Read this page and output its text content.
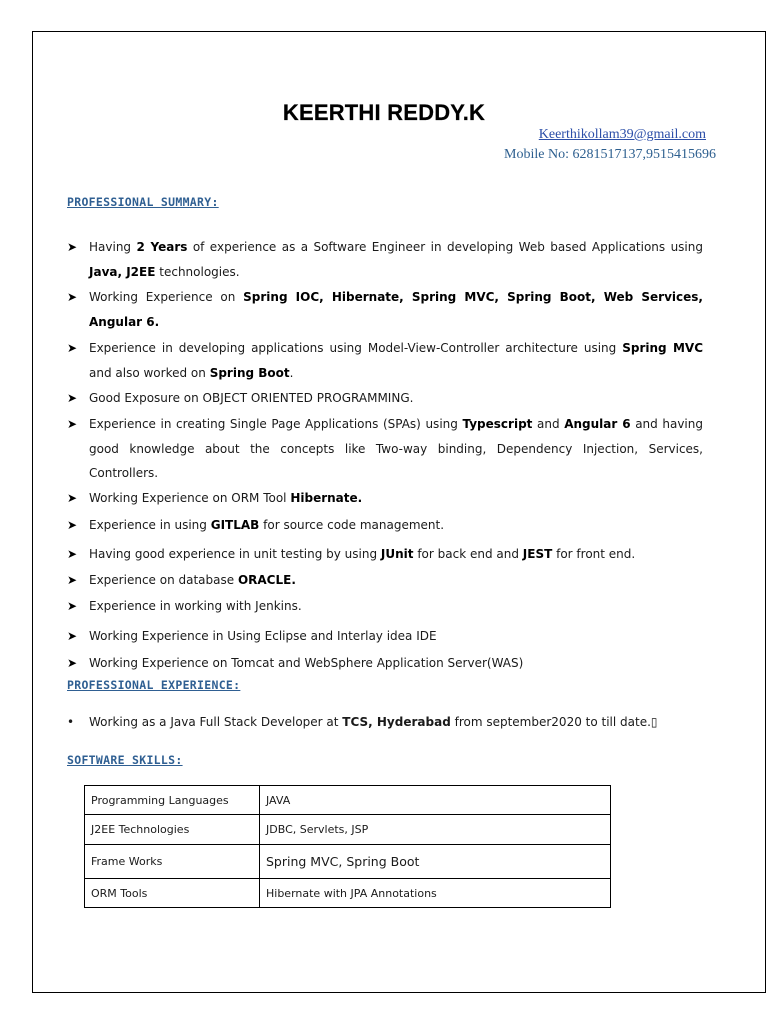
KEERTHI REDDY.K
Keerthikollam39@gmail.com
Mobile No: 6281517137,9515415696
PROFESSIONAL SUMMARY:
➤ Having 2 Years of experience as a Software Engineer in developing Web based Applications using Java, J2EE technologies.
➤ Working Experience on Spring IOC, Hibernate, Spring MVC, Spring Boot, Web Services, Angular 6.
➤ Experience in developing applications using Model-View-Controller architecture using Spring MVC and also worked on Spring Boot.
➤ Good Exposure on OBJECT ORIENTED PROGRAMMING.
➤ Experience in creating Single Page Applications (SPAs) using Typescript and Angular 6 and having good knowledge about the concepts like Two-way binding, Dependency Injection, Services, Controllers.
➤ Working Experience on ORM Tool Hibernate.
➤ Experience in using GITLAB for source code management.
➤ Having good experience in unit testing by using JUnit for back end and JEST for front end.
➤ Experience on database ORACLE.
➤ Experience in working with Jenkins.
➤ Working Experience in Using Eclipse and Interlay idea IDE
➤ Working Experience on Tomcat and WebSphere Application Server(WAS)
PROFESSIONAL EXPERIENCE:
• Working as a Java Full Stack Developer at TCS, Hyderabad from september2020 to till date.▯
SOFTWARE SKILLS:
Programming Languages	JAVA
J2EE Technologies	JDBC, Servlets, JSP
Frame Works	Spring MVC, Spring Boot
ORM Tools	Hibernate with JPA Annotations
